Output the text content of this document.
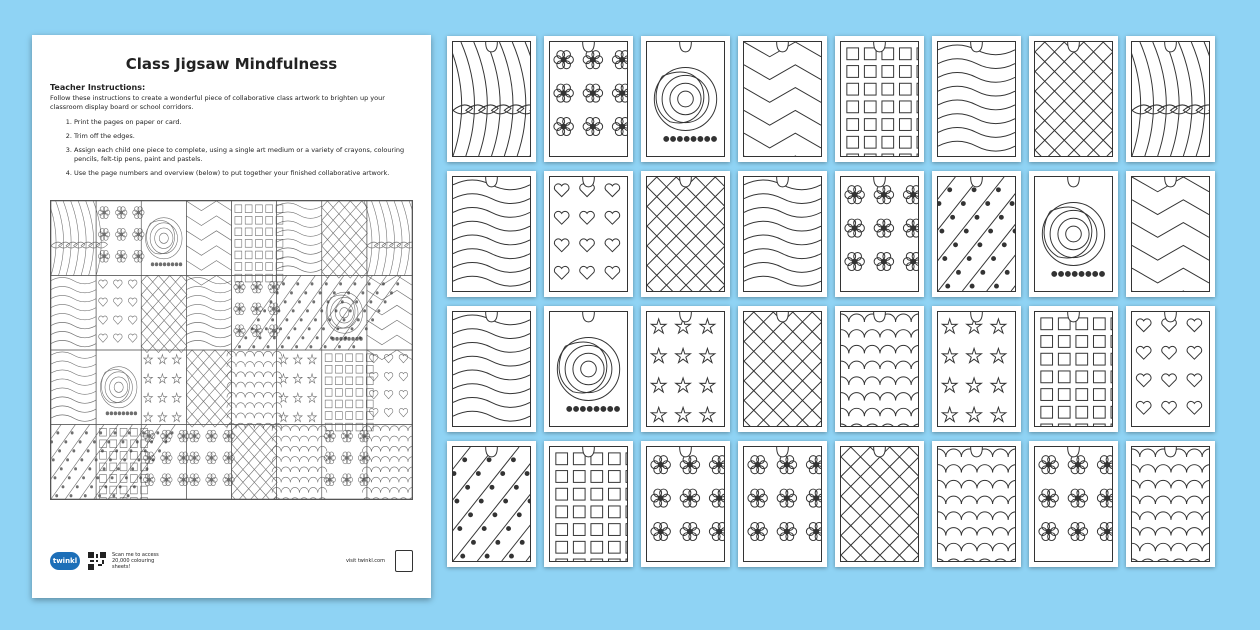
Class Jigsaw Mindfulness
Teacher Instructions:
Follow these instructions to create a wonderful piece of collaborative class artwork to brighten up your classroom display board or school corridors.
1. Print the pages on paper or card.
2. Trim off the edges.
3. Assign each child one piece to complete, using a single art medium or a variety of crayons, colouring pencils, felt-tip pens, paint and pastels.
4. Use the page numbers and overview (below) to put together your finished collaborative artwork.
twinkl
Scan me to access 20,000 colouring sheets!
visit twinkl.com
